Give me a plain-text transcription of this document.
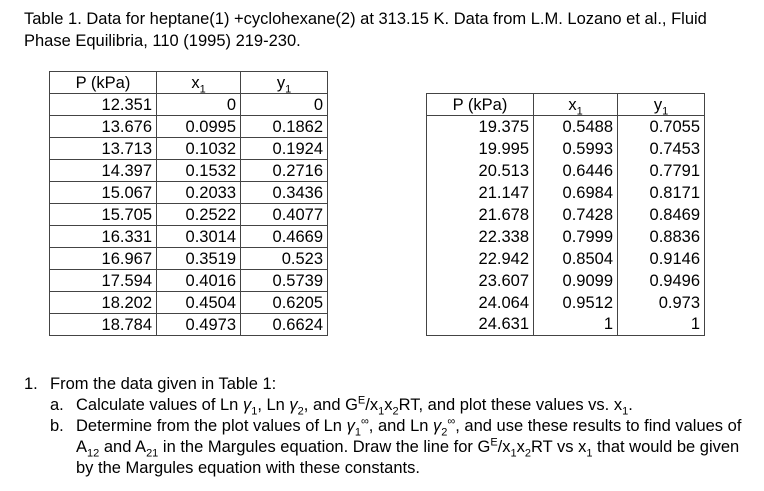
Table 1. Data for heptane(1) +cyclohexane(2) at 313.15 K. Data from L.M. Lozano et al., Fluid Phase Equilibria, 110 (1995) 219-230.
P (kPa)	$x_1$	$y_1$
12.351	0	0
13.676	0.0995	0.1862
13.713	0.1032	0.1924
14.397	0.1532	0.2716
15.067	0.2033	0.3436
15.705	0.2522	0.4077
16.331	0.3014	0.4669
16.967	0.3519	0.523
17.594	0.4016	0.5739
18.202	0.4504	0.6205
18.784	0.4973	0.6624
P (kPa)	$x_1$	$y_1$
19.375	0.5488	0.7055
19.995	0.5993	0.7453
20.513	0.6446	0.7791
21.147	0.6984	0.8171
21.678	0.7428	0.8469
22.338	0.7999	0.8836
22.942	0.8504	0.9146
23.607	0.9099	0.9496
24.064	0.9512	0.973
24.631	1	1
1. From the data given in Table 1:
a. Calculate values of Ln $\gamma_1$, Ln $\gamma_2$, and $G^E/x_1x_2RT$, and plot these values vs. $x_1$.
b. Determine from the plot values of Ln $\gamma_1^\infty$, and Ln $\gamma_2^\infty$, and use these results to find values of $A_{12}$ and $A_{21}$ in the Margules equation. Draw the line for $G^E/x_1x_2RT$ vs $x_1$ that would be given by the Margules equation with these constants.
